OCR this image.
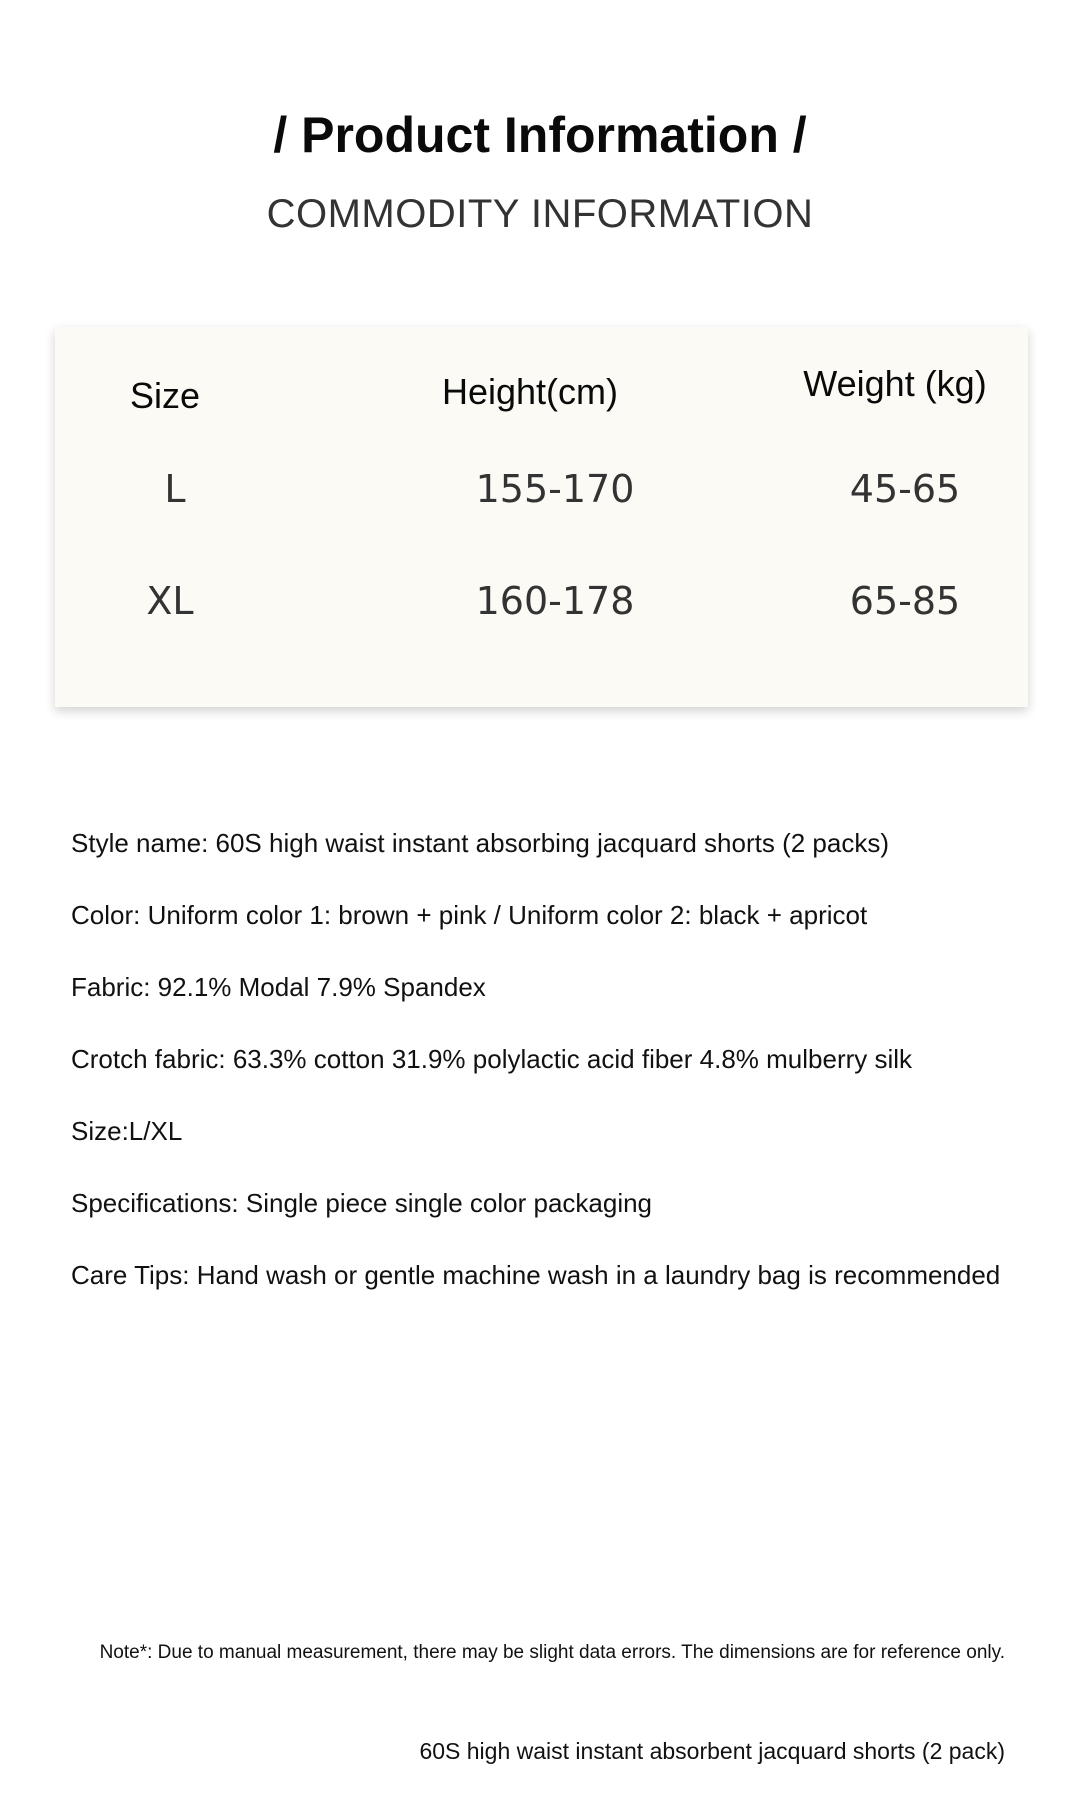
/ Product Information /
COMMODITY INFORMATION
Size	Height(cm)	Weight (kg)
L	155-170	45-65
XL	160-178	65-85
Style name: 60S high waist instant absorbing jacquard shorts (2 packs)
Color: Uniform color 1: brown + pink / Uniform color 2: black + apricot
Fabric: 92.1% Modal 7.9% Spandex
Crotch fabric: 63.3% cotton 31.9% polylactic acid fiber 4.8% mulberry silk
Size:L/XL
Specifications: Single piece single color packaging
Care Tips: Hand wash or gentle machine wash in a laundry bag is recommended
Note*: Due to manual measurement, there may be slight data errors. The dimensions are for reference only.
60S high waist instant absorbent jacquard shorts (2 pack)
